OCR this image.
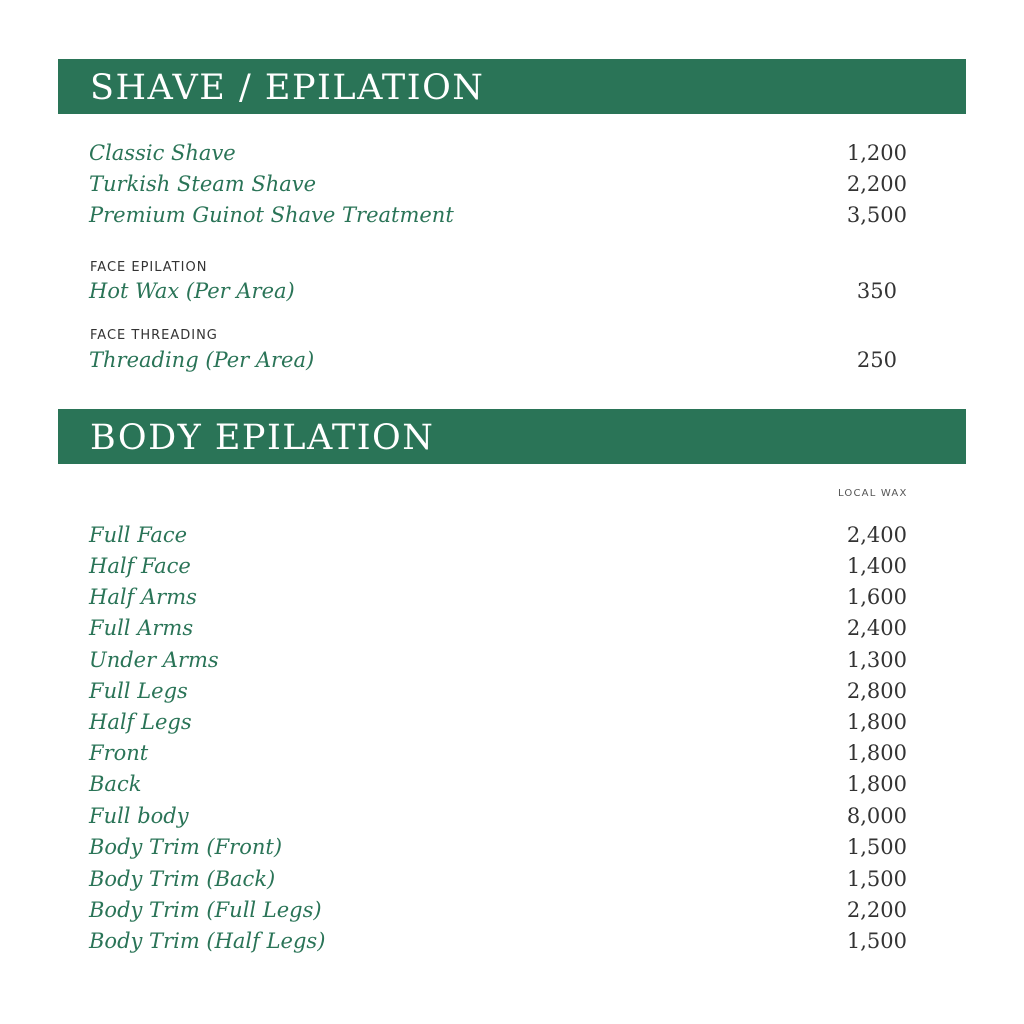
SHAVE / EPILATION
Classic Shave	1,200
Turkish Steam Shave	2,200
Premium Guinot Shave Treatment	3,500
FACE EPILATION
Hot Wax (Per Area)	350
FACE THREADING
Threading (Per Area)	250
BODY EPILATION
LOCAL WAX
Full Face	2,400
Half Face	1,400
Half Arms	1,600
Full Arms	2,400
Under Arms	1,300
Full Legs	2,800
Half Legs	1,800
Front	1,800
Back	1,800
Full body	8,000
Body Trim (Front)	1,500
Body Trim (Back)	1,500
Body Trim (Full Legs)	2,200
Body Trim (Half Legs)	1,500
